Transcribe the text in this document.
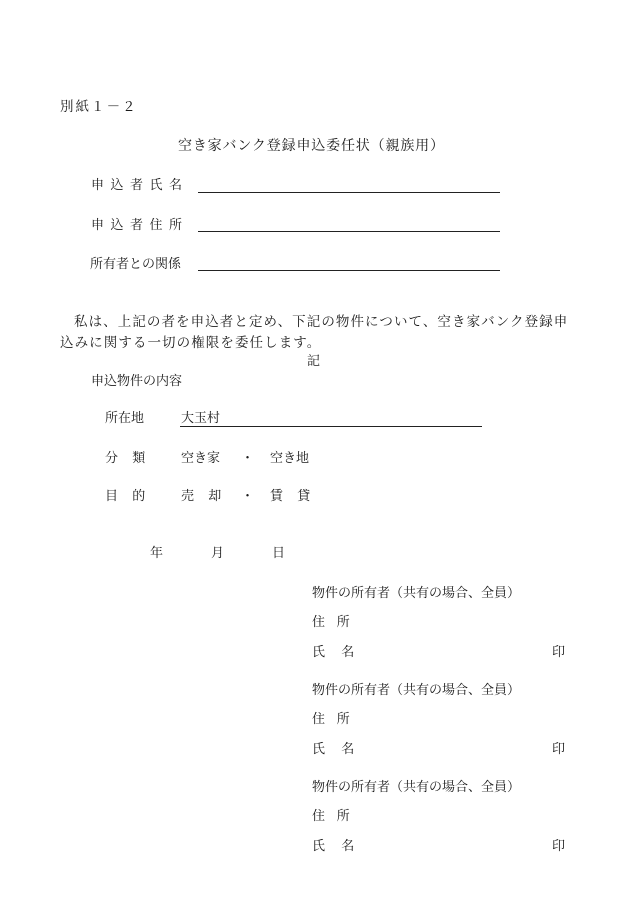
別紙１－２
空き家バンク登録申込委任状（親族用）
申込者氏名
申込者住所
所有者との関係
私は、上記の者を申込者と定め、下記の物件について、空き家バンク登録申込みに関する一切の権限を委任します。
記
申込物件の内容
所在地	大玉村
分類 空き家 ・ 空き地
目的 売却 ・ 賃貸
年	月	日
物件の所有者（共有の場合、全員）
住所
氏名	印
物件の所有者（共有の場合、全員）
住所
氏名	印
物件の所有者（共有の場合、全員）
住所
氏名	印
